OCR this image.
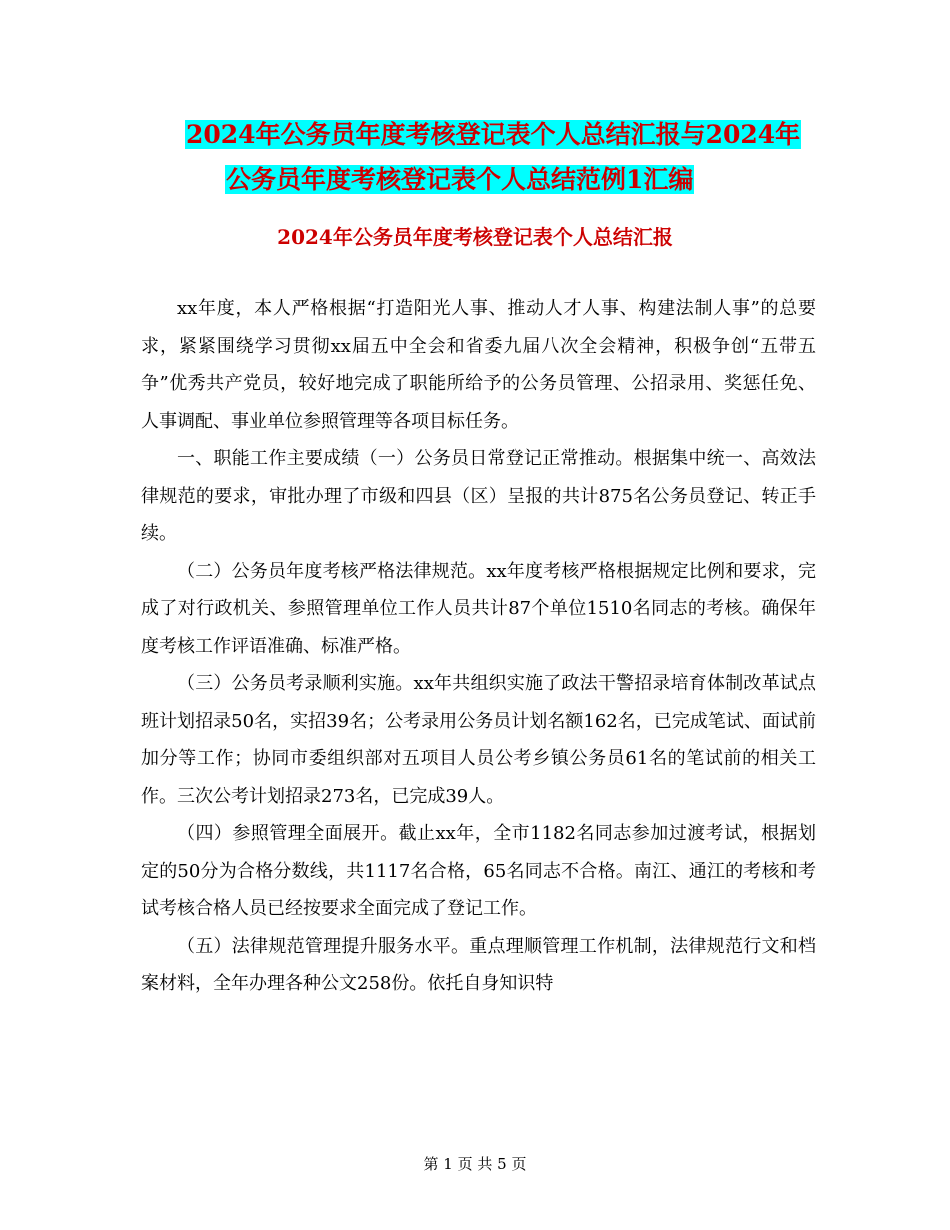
2024年公务员年度考核登记表个人总结汇报与2024年
公务员年度考核登记表个人总结范例1汇编
2024年公务员年度考核登记表个人总结汇报

xx年度，本人严格根据“打造阳光人事、推动人才人事、构建法制人事”的总要求，紧紧围绕学习贯彻xx届五中全会和省委九届八次全会精神，积极争创“五带五争”优秀共产党员，较好地完成了职能所给予的公务员管理、公招录用、奖惩任免、人事调配、事业单位参照管理等各项目标任务。

一、职能工作主要成绩（一）公务员日常登记正常推动。根据集中统一、高效法律规范的要求，审批办理了市级和四县（区）呈报的共计875名公务员登记、转正手续。

（二）公务员年度考核严格法律规范。xx年度考核严格根据规定比例和要求，完成了对行政机关、参照管理单位工作人员共计87个单位1510名同志的考核。确保年度考核工作评语准确、标准严格。

（三）公务员考录顺利实施。xx年共组织实施了政法干警招录培育体制改革试点班计划招录50名，实招39名；公考录用公务员计划名额162名，已完成笔试、面试前加分等工作；协同市委组织部对五项目人员公考乡镇公务员61名的笔试前的相关工作。三次公考计划招录273名，已完成39人。

（四）参照管理全面展开。截止xx年，全市1182名同志参加过渡考试，根据划定的50分为合格分数线，共1117名合格，65名同志不合格。南江、通江的考核和考试考核合格人员已经按要求全面完成了登记工作。

（五）法律规范管理提升服务水平。重点理顺管理工作机制，法律规范行文和档案材料，全年办理各种公文258份。依托自身知识特

第 1 页 共 5 页
